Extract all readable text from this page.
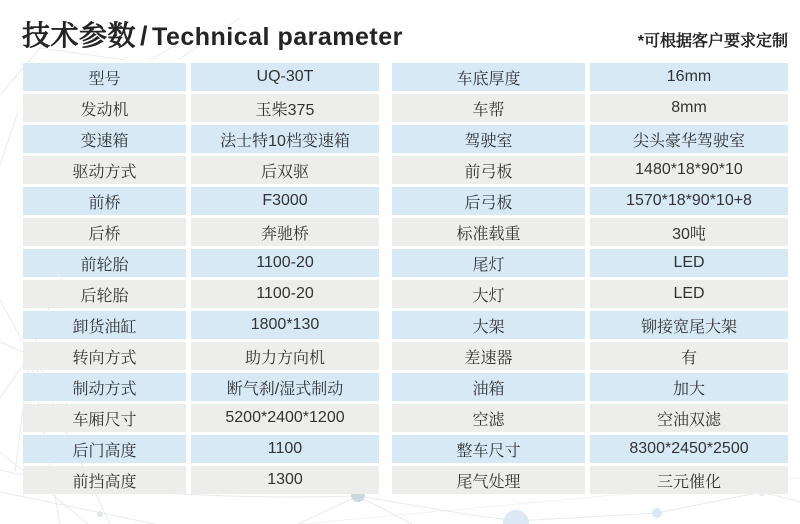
技术参数 / Technical parameter	*可根据客户要求定制
型号	UQ-30T
发动机	玉柴375
变速箱	法士特10档变速箱
驱动方式	后双驱
前桥	F3000
后桥	奔驰桥
前轮胎	1100-20
后轮胎	1100-20
卸货油缸	1800*130
转向方式	助力方向机
制动方式	断气刹/湿式制动
车厢尺寸	5200*2400*1200
后门高度	1100
前挡高度	1300
车底厚度	16mm
车帮	8mm
驾驶室	尖头豪华驾驶室
前弓板	1480*18*90*10
后弓板	1570*18*90*10+8
标准载重	30吨
尾灯	LED
大灯	LED
大架	铆接宽尾大架
差速器	有
油箱	加大
空滤	空油双滤
整车尺寸	8300*2450*2500
尾气处理	三元催化
